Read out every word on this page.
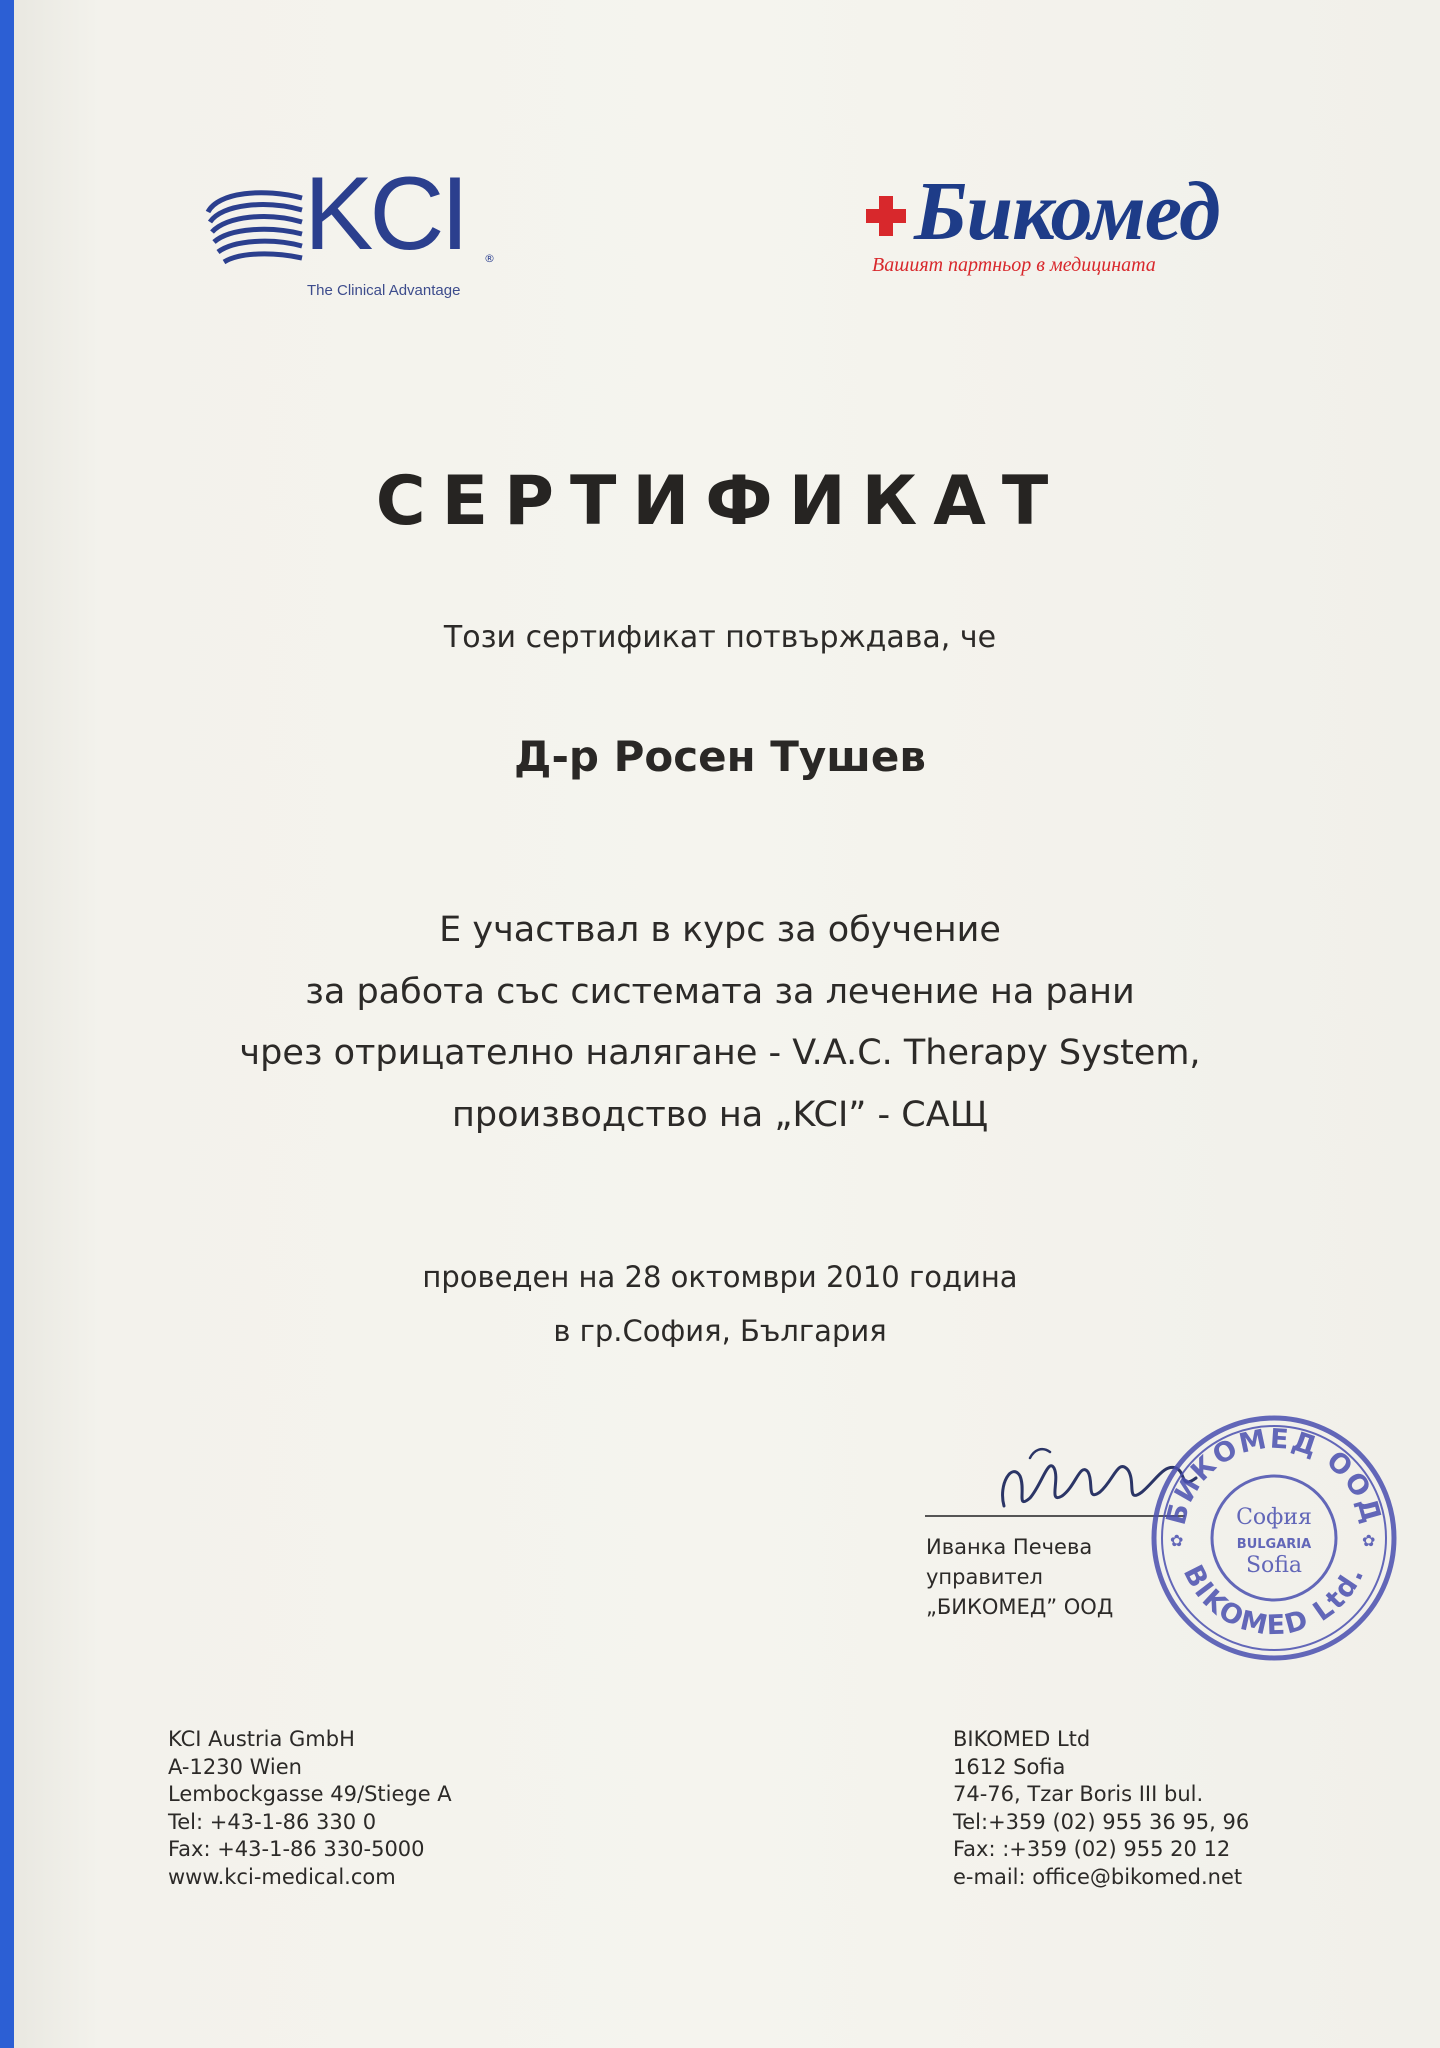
KCI ®
The Clinical Advantage
Бикомед
Вашият партньор в медицината
СЕРТИФИКАТ
Този сертификат потвърждава, че
Д-р Росен Тушев
Е участвал в курс за обучение
за работа със системата за лечение на рани
чрез отрицателно налягане - V.A.C. Therapy System,
производство на „KCI” - САЩ
проведен на 28 октомври 2010 година
в гр.София, България
Иванка Печева
управител
„БИКОМЕД” ООД
БИКОМЕД ООД
BIKOMED Ltd.
✿	✿
София
BULGARIA
Sofia
KCI Austria GmbH
A-1230 Wien
Lembockgasse 49/Stiege A
Tel: +43-1-86 330 0
Fax: +43-1-86 330-5000
www.kci-medical.com
BIKOMED Ltd
1612 Sofia
74-76, Tzar Boris III bul.
Tel:+359 (02) 955 36 95, 96
Fax: :+359 (02) 955 20 12
e-mail: office@bikomed.net
